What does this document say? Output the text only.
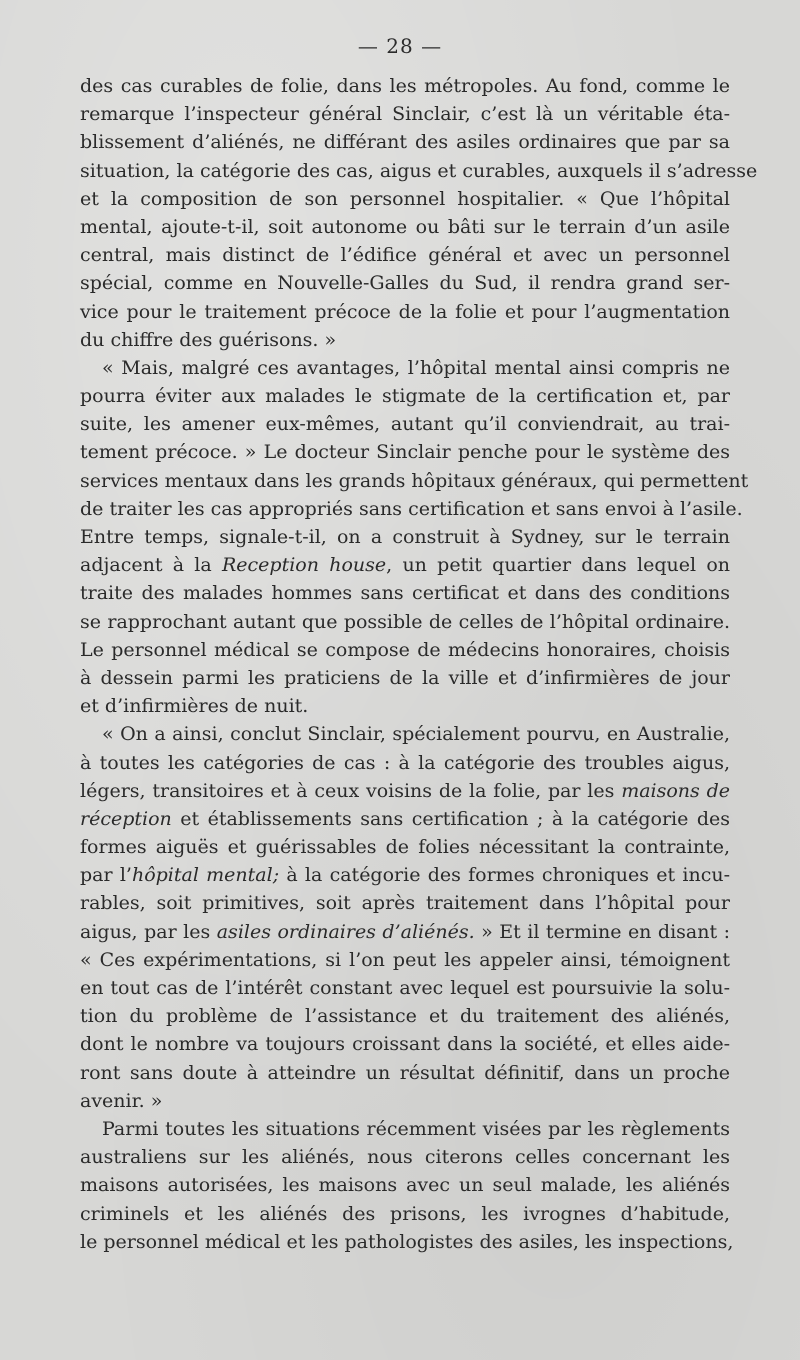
— 28 —
des cas curables de folie, dans les métropoles. Au fond, comme le
remarque l’inspecteur général Sinclair, c’est là un véritable éta-
blissement d’aliénés, ne différant des asiles ordinaires que par sa
situation, la catégorie des cas, aigus et curables, auxquels il s’adresse
et la composition de son personnel hospitalier. « Que l’hôpital
mental, ajoute-t-il, soit autonome ou bâti sur le terrain d’un asile
central, mais distinct de l’édifice général et avec un personnel
spécial, comme en Nouvelle-Galles du Sud, il rendra grand ser-
vice pour le traitement précoce de la folie et pour l’augmentation
du chiffre des guérisons. »
« Mais, malgré ces avantages, l’hôpital mental ainsi compris ne
pourra éviter aux malades le stigmate de la certification et, par
suite, les amener eux-mêmes, autant qu’il conviendrait, au trai-
tement précoce. » Le docteur Sinclair penche pour le système des
services mentaux dans les grands hôpitaux généraux, qui permettent
de traiter les cas appropriés sans certification et sans envoi à l’asile.
Entre temps, signale-t-il, on a construit à Sydney, sur le terrain
adjacent à la Reception house, un petit quartier dans lequel on
traite des malades hommes sans certificat et dans des conditions
se rapprochant autant que possible de celles de l’hôpital ordinaire.
Le personnel médical se compose de médecins honoraires, choisis
à dessein parmi les praticiens de la ville et d’infirmières de jour
et d’infirmières de nuit.
« On a ainsi, conclut Sinclair, spécialement pourvu, en Australie,
à toutes les catégories de cas : à la catégorie des troubles aigus,
légers, transitoires et à ceux voisins de la folie, par les maisons de
réception et établissements sans certification ; à la catégorie des
formes aiguës et guérissables de folies nécessitant la contrainte,
par l’hôpital mental; à la catégorie des formes chroniques et incu-
rables, soit primitives, soit après traitement dans l’hôpital pour
aigus, par les asiles ordinaires d’aliénés. » Et il termine en disant :
« Ces expérimentations, si l’on peut les appeler ainsi, témoignent
en tout cas de l’intérêt constant avec lequel est poursuivie la solu-
tion du problème de l’assistance et du traitement des aliénés,
dont le nombre va toujours croissant dans la société, et elles aide-
ront sans doute à atteindre un résultat définitif, dans un proche
avenir. »
Parmi toutes les situations récemment visées par les règlements
australiens sur les aliénés, nous citerons celles concernant les
maisons autorisées, les maisons avec un seul malade, les aliénés
criminels et les aliénés des prisons, les ivrognes d’habitude,
le personnel médical et les pathologistes des asiles, les inspections,
